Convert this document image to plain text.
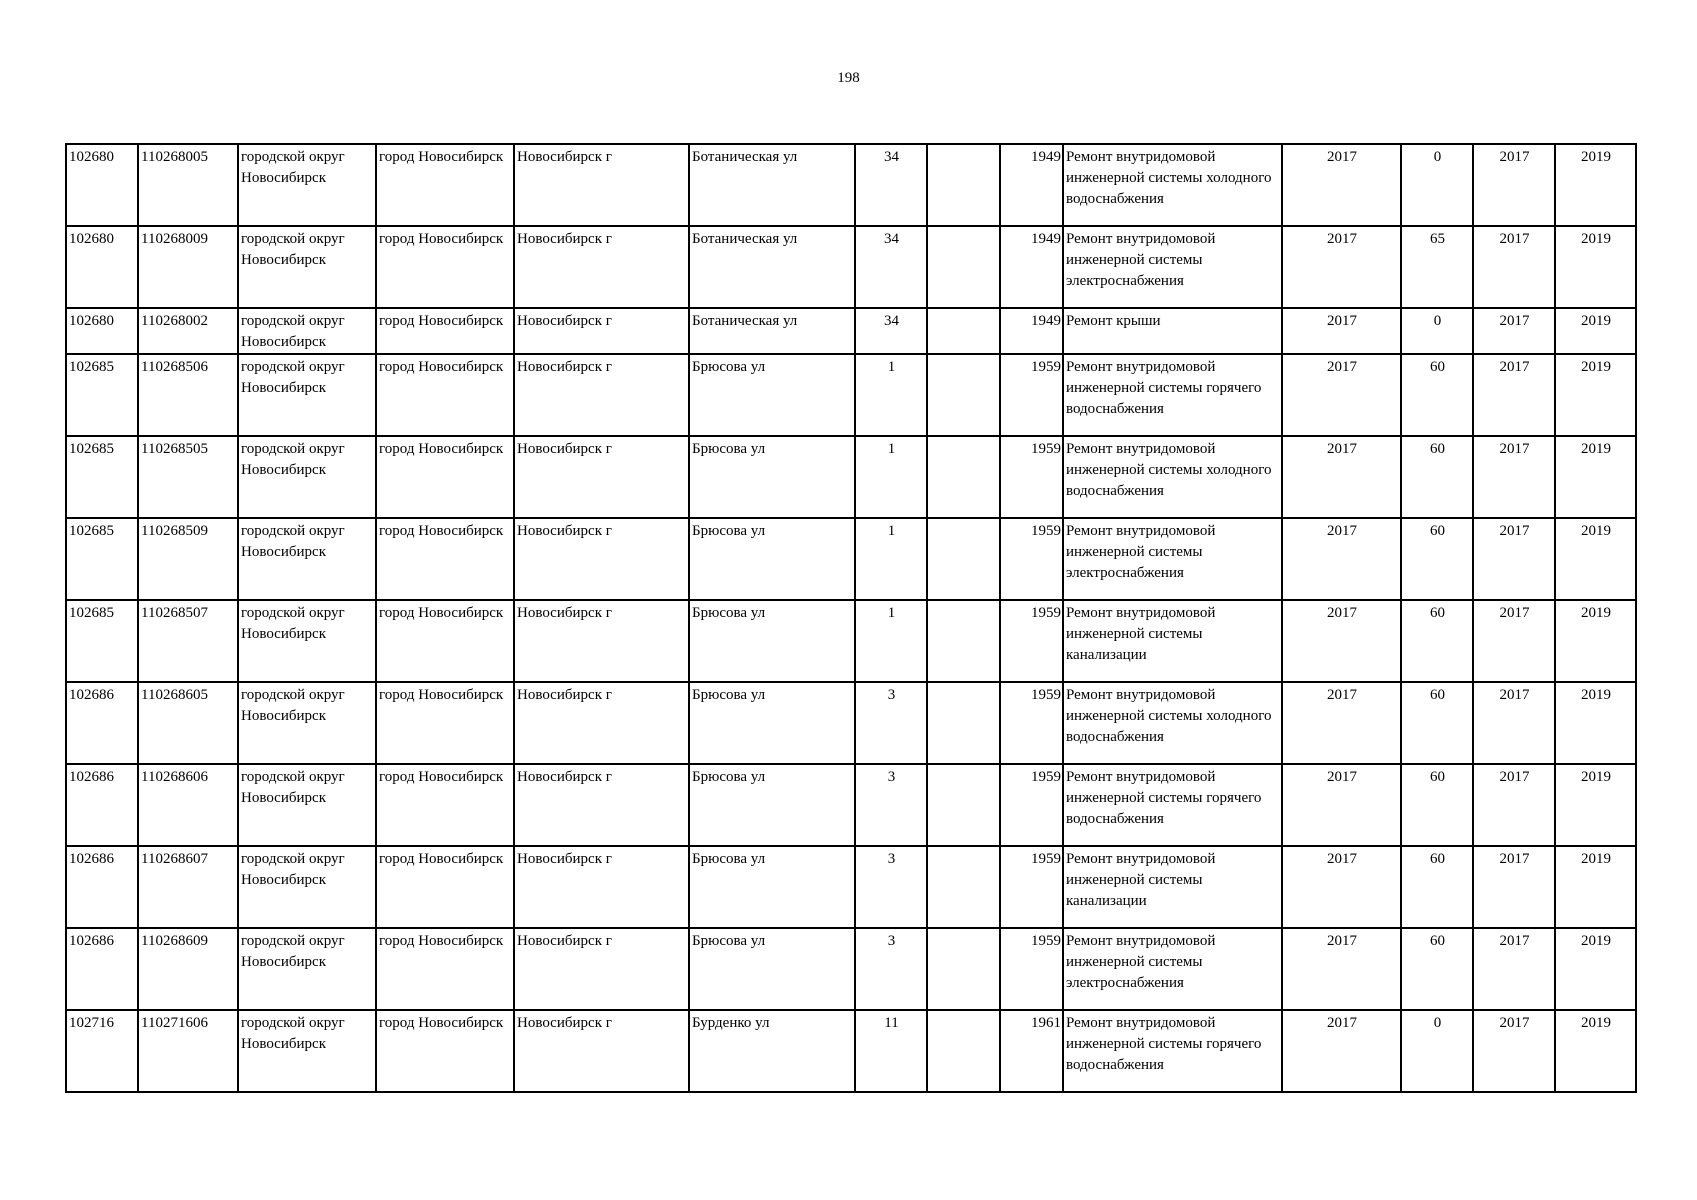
198
102680	110268005	городской округ Новосибирск	город Новосибирск	Новосибирск г	Ботаническая ул	34		1949	Ремонт внутридомовой инженерной системы холодного водоснабжения	2017	0	2017	2019
102680	110268009	городской округ Новосибирск	город Новосибирск	Новосибирск г	Ботаническая ул	34		1949	Ремонт внутридомовой инженерной системы электроснабжения	2017	65	2017	2019
102680	110268002	городской округ Новосибирск	город Новосибирск	Новосибирск г	Ботаническая ул	34		1949	Ремонт крыши	2017	0	2017	2019
102685	110268506	городской округ Новосибирск	город Новосибирск	Новосибирск г	Брюсова ул	1		1959	Ремонт внутридомовой инженерной системы горячего водоснабжения	2017	60	2017	2019
102685	110268505	городской округ Новосибирск	город Новосибирск	Новосибирск г	Брюсова ул	1		1959	Ремонт внутридомовой инженерной системы холодного водоснабжения	2017	60	2017	2019
102685	110268509	городской округ Новосибирск	город Новосибирск	Новосибирск г	Брюсова ул	1		1959	Ремонт внутридомовой инженерной системы электроснабжения	2017	60	2017	2019
102685	110268507	городской округ Новосибирск	город Новосибирск	Новосибирск г	Брюсова ул	1		1959	Ремонт внутридомовой инженерной системы канализации	2017	60	2017	2019
102686	110268605	городской округ Новосибирск	город Новосибирск	Новосибирск г	Брюсова ул	3		1959	Ремонт внутридомовой инженерной системы холодного водоснабжения	2017	60	2017	2019
102686	110268606	городской округ Новосибирск	город Новосибирск	Новосибирск г	Брюсова ул	3		1959	Ремонт внутридомовой инженерной системы горячего водоснабжения	2017	60	2017	2019
102686	110268607	городской округ Новосибирск	город Новосибирск	Новосибирск г	Брюсова ул	3		1959	Ремонт внутридомовой инженерной системы канализации	2017	60	2017	2019
102686	110268609	городской округ Новосибирск	город Новосибирск	Новосибирск г	Брюсова ул	3		1959	Ремонт внутридомовой инженерной системы электроснабжения	2017	60	2017	2019
102716	110271606	городской округ Новосибирск	город Новосибирск	Новосибирск г	Бурденко ул	11		1961	Ремонт внутридомовой инженерной системы горячего водоснабжения	2017	0	2017	2019
